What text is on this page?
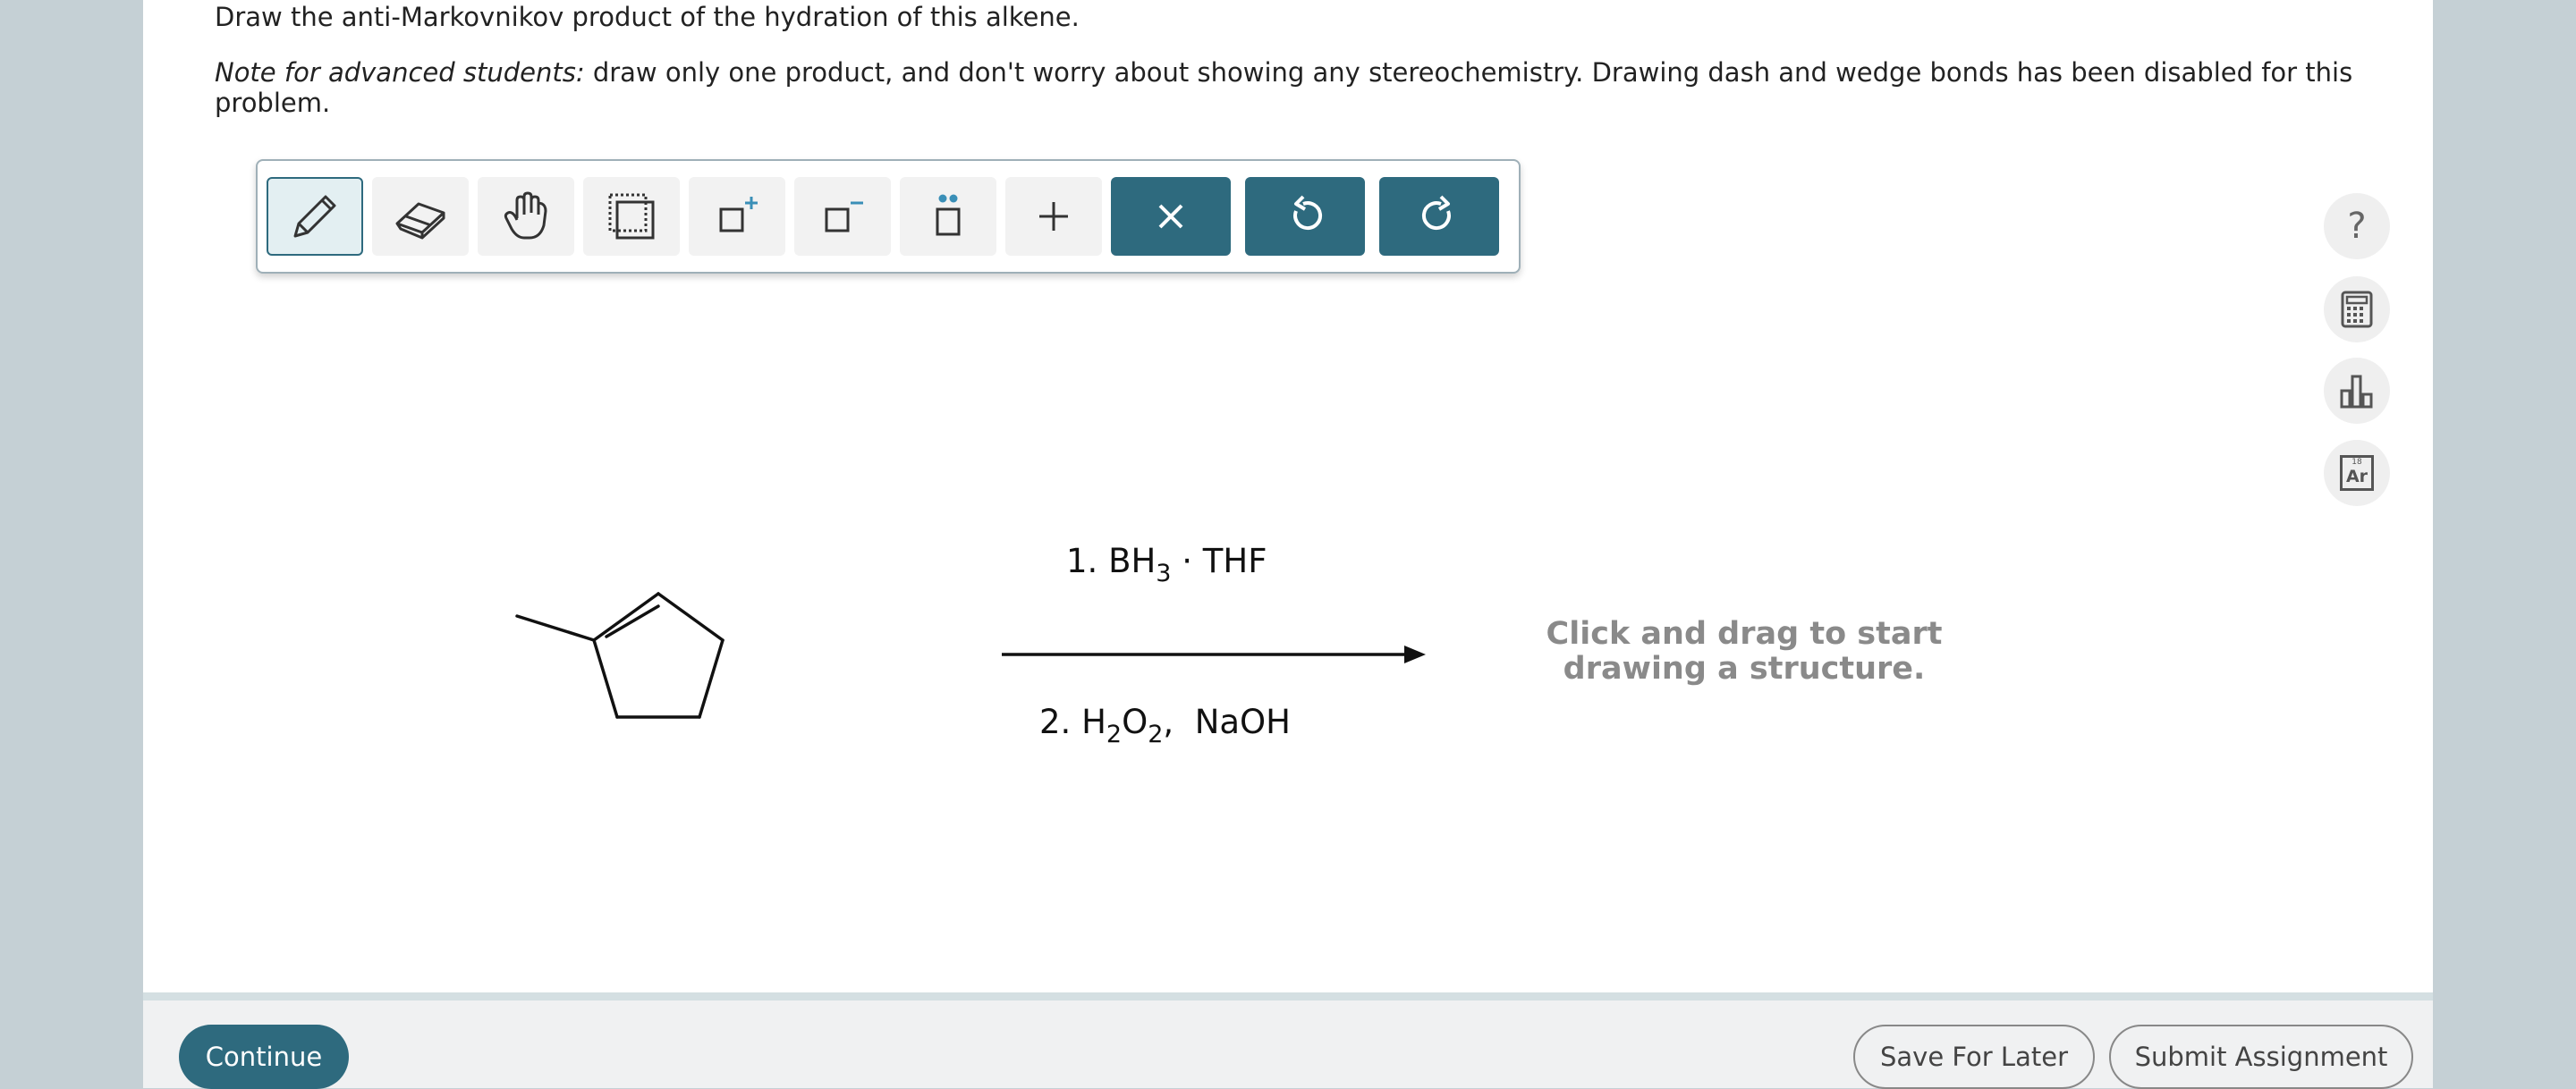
Draw the anti-Markovnikov product of the hydration of this alkene.
Note for advanced students: draw only one product, and don't worry about showing any stereochemistry. Drawing dash and wedge bonds has been disabled for this problem.
?
18
Ar
1. $BH_3$ · THF
2. $H_2O_2$, NaOH
Click and drag to start
drawing a structure.
Continue	Save For Later	Submit Assignment
